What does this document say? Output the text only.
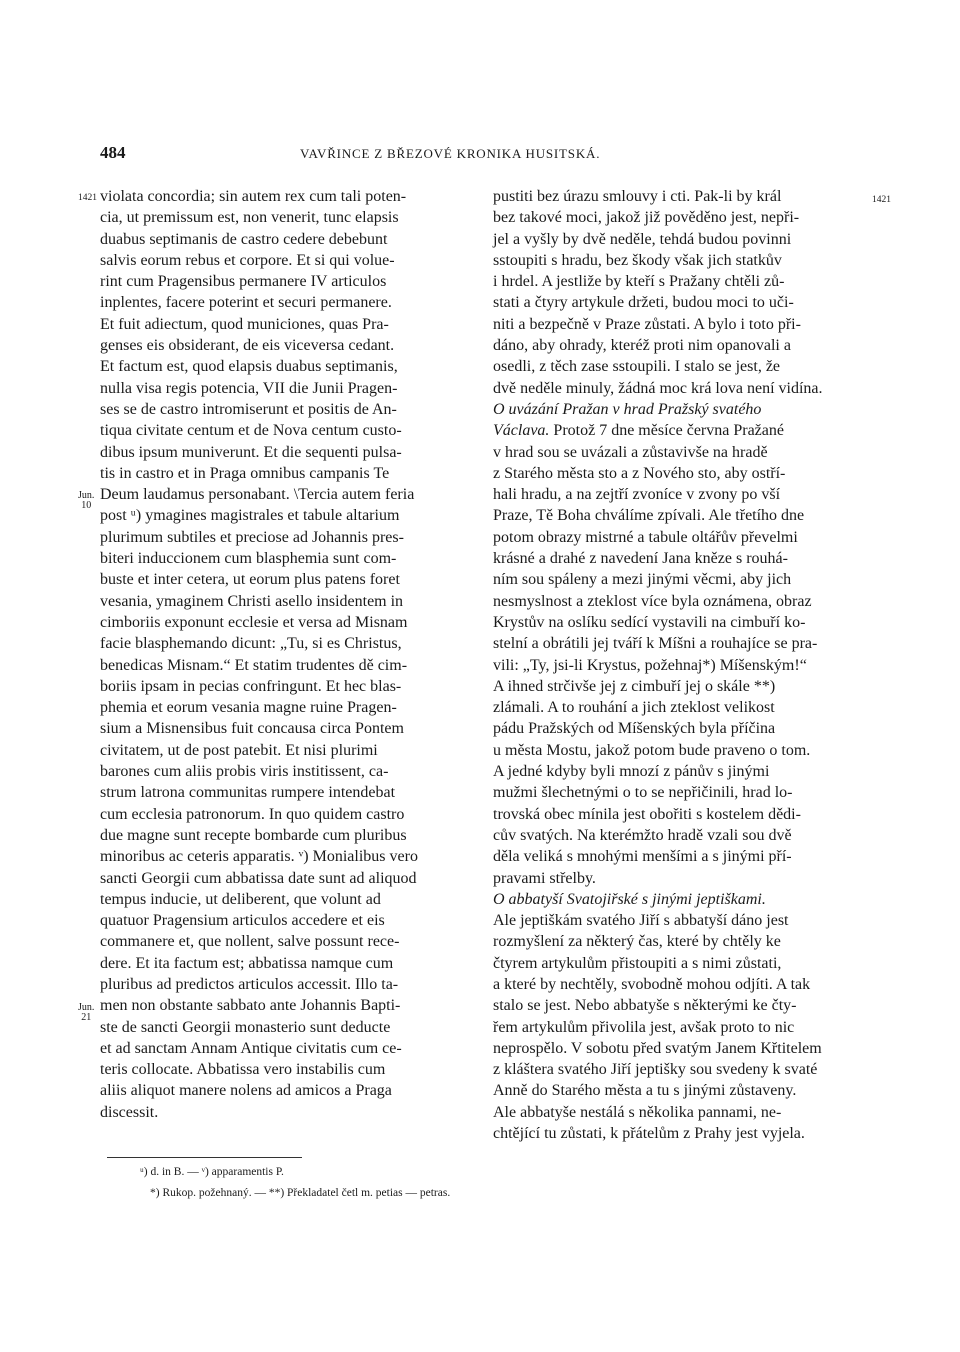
484	VAVŘINCE Z BŘEZOVÉ KRONIKA HUSITSKÁ.
1421	1421
Jun.
10
Jun.
21
violata concordia; sin autem rex cum tali poten-
cia, ut premissum est, non venerit, tunc elapsis
duabus septimanis de castro cedere debebunt
salvis eorum rebus et corpore. Et si qui volue-
rint cum Pragensibus permanere IV articulos
inplentes, facere poterint et securi permanere.
Et fuit adiectum, quod municiones, quas Pra-
genses eis obsiderant, de eis viceversa cedant.
Et factum est, quod elapsis duabus septimanis,
nulla visa regis potencia, VII die Junii Pragen-
ses se de castro intromiserunt et positis de An-
tiqua civitate centum et de Nova centum custo-
dibus ipsum muniverunt. Et die sequenti pulsa-
tis in castro et in Praga omnibus campanis Te
Deum laudamus personabant. \Tercia autem feria
post ᵘ) ymagines magistrales et tabule altarium
plurimum subtiles et preciose ad Johannis pres-
biteri induccionem cum blasphemia sunt com-
buste et inter cetera, ut eorum plus patens foret
vesania, ymaginem Christi asello insidentem in
cimboriis exponunt ecclesie et versa ad Misnam
facie blasphemando dicunt: „Tu, si es Christus,
benedicas Misnam.“ Et statim trudentes dě cim-
boriis ipsam in pecias confringunt. Et hec blas-
phemia et eorum vesania magne ruine Pragen-
sium a Misnensibus fuit concausa circa Pontem
civitatem, ut de post patebit. Et nisi plurimi
barones cum aliis probis viris institissent, ca-
strum latrona communitas rumpere intendebat
cum ecclesia patronorum. In quo quidem castro
due magne sunt recepte bombarde cum pluribus
minoribus ac ceteris apparatis. ᵛ) Monialibus vero
sancti Georgii cum abbatissa date sunt ad aliquod
tempus inducie, ut deliberent, que volunt ad
quatuor Pragensium articulos accedere et eis
commanere et, que nollent, salve possunt rece-
dere. Et ita factum est; abbatissa namque cum
pluribus ad predictos articulos accessit. Illo ta-
men non obstante sabbato ante Johannis Bapti-
ste de sancti Georgii monasterio sunt deducte
et ad sanctam Annam Antique civitatis cum ce-
teris collocate. Abbatissa vero instabilis cum
aliis aliquot manere nolens ad amicos a Praga
discessit.
pustiti bez úrazu smlouvy i cti. Pak-li by král
bez takové moci, jakož již pověděno jest, nepři-
jel a vyšly by dvě neděle, tehdá budou povinni
sstoupiti s hradu, bez škody však jich statkův
i hrdel. A jestliže by kteří s Pražany chtěli zů-
stati a čtyry artykule držeti, budou moci to uči-
niti a bezpečně v Praze zůstati. A bylo i toto při-
dáno, aby ohrady, kteréž proti nim opanovali a
osedli, z těch zase sstoupili. I stalo se jest, že
dvě neděle minuly, žádná moc krá lova není vidína.
O uvázání Pražan v hrad Pražský svatého
Václava. Protož 7 dne měsíce června Pražané
v hrad sou se uvázali a zůstavivše na hradě
z Starého města sto a z Nového sto, aby ostří-
hali hradu, a na zejtří zvoníce v zvony po vší
Praze, Tě Boha chválíme zpívali. Ale třetího dne
potom obrazy mistrné a tabule oltářův převelmi
krásné a drahé z navedení Jana kněze s rouhá-
ním sou spáleny a mezi jinými věcmi, aby jich
nesmyslnost a zteklost více byla oznámena, obraz
Krystův na oslíku sedící vystavili na cimbuří ko-
stelní a obrátili jej tváří k Míšni a rouhajíce se pra-
vili: „Ty, jsi-li Krystus, požehnaj*) Míšenským!“
A ihned strčivše jej z cimbuří jej o skále **)
zlámali. A to rouhání a jich zteklost velikost
pádu Pražských od Míšenských byla příčina
u města Mostu, jakož potom bude praveno o tom.
A jedné kdyby byli mnozí z pánův s jinými
mužmi šlechetnými o to se nepřičinili, hrad lo-
trovská obec mínila jest obořiti s kostelem dědi-
cův svatých. Na kterémžto hradě vzali sou dvě
děla veliká s mnohými menšími a s jinými pří-
pravami střelby.
O abbatyší Svatojiřské s jinými jeptiškami.
Ale jeptiškám svatého Jiří s abbatyší dáno jest
rozmyšlení za některý čas, které by chtěly ke
čtyrem artykulům přistoupiti a s nimi zůstati,
a které by nechtěly, svobodně mohou odjíti. A tak
stalo se jest. Nebo abbatyše s některými ke čty-
řem artykulům přivolila jest, avšak proto to nic
neprospělo. V sobotu před svatým Janem Křtitelem
z kláštera svatého Jiří jeptišky sou svedeny k svaté
Anně do Starého města a tu s jinými zůstaveny.
Ale abbatyše nestálá s několika pannami, ne-
chtějící tu zůstati, k přátelům z Prahy jest vyjela.
ᵘ) d. in B. — ᵛ) apparamentis P.
*) Rukop. požehnaný. — **) Překladatel četl m. petias — petras.
